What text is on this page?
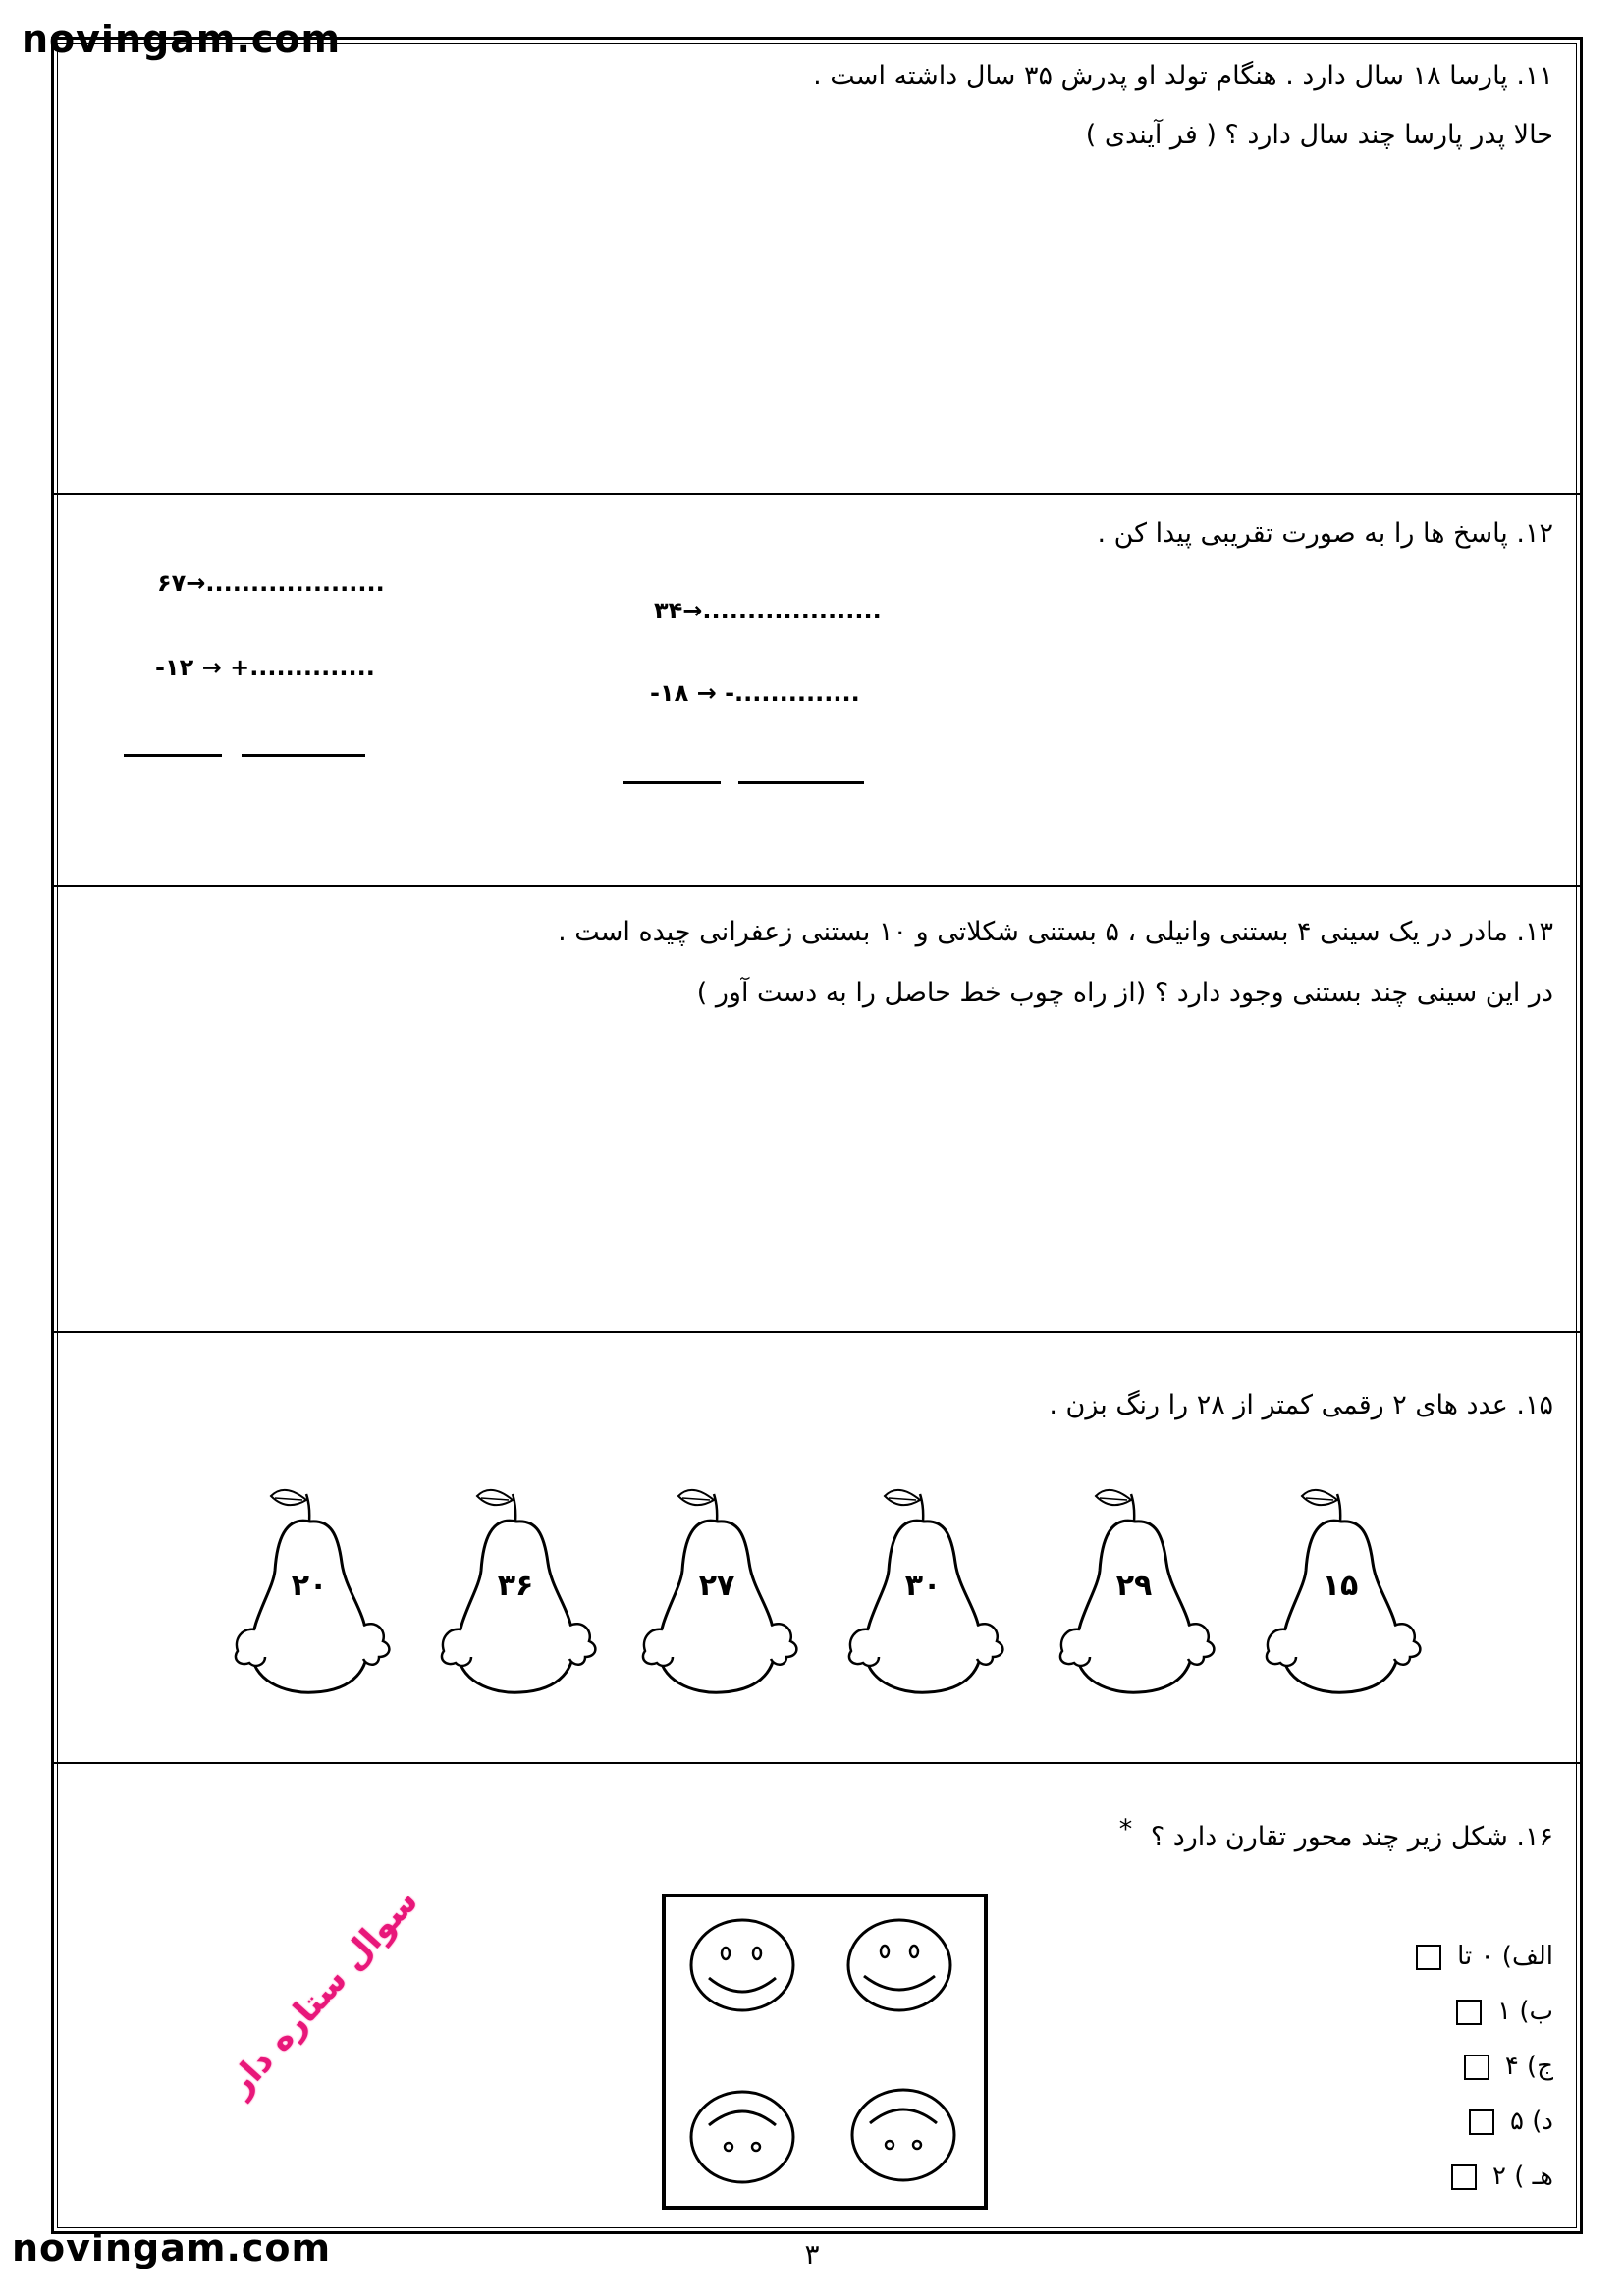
novingam.com
۱۱. پارسا ۱۸ سال دارد . هنگام تولد او پدرش ۳۵ سال داشته است .
حالا پدر پارسا چند سال دارد ؟ ( فر آیندی )
۱۲. پاسخ ها را به صورت تقریبی پیدا کن .
۶۷→....................
-۱۲ → +..............
۳۴→....................
-۱۸ → -..............
۱۳. مادر در یک سینی ۴ بستنی وانیلی ، ۵ بستنی شکلاتی و ۱۰ بستنی زعفرانی چیده است .
در این سینی چند بستنی وجود دارد ؟ (از راه چوب خط حاصل را به دست آور )
۱۵. عدد های ۲ رقمی کمتر از ۲۸ را رنگ بزن .
۲۰	۳۶	۲۷	۳۰	۲۹	۱۵
۱۶. شکل زیر چند محور تقارن دارد ؟ *
الف) ۰ تا
ب) ۱
ج) ۴
د) ۵
هـ ) ۲
سوال ستاره دار
۳
novingam.com
